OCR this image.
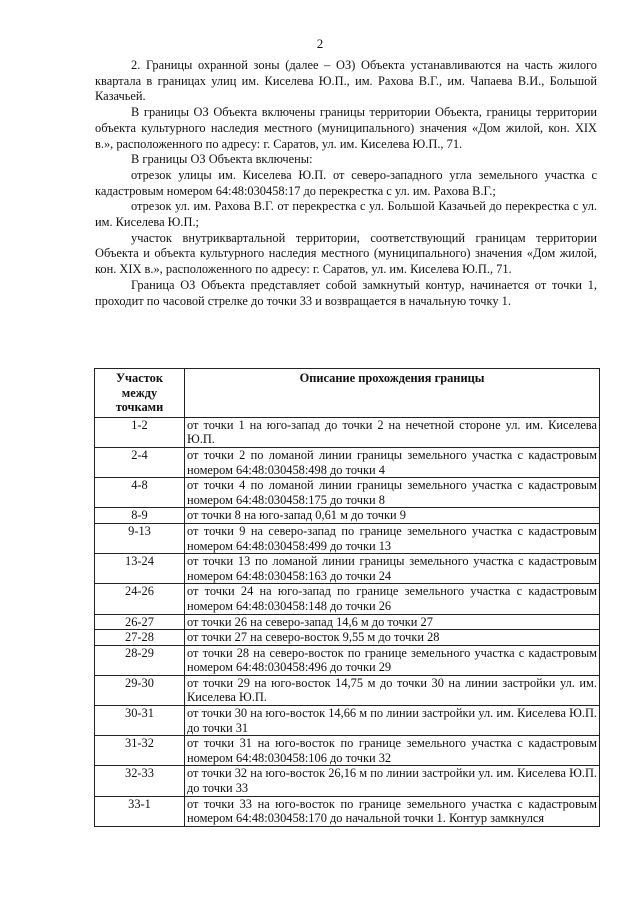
2

2. Границы охранной зоны (далее – ОЗ) Объекта устанавливаются на часть жилого квартала в границах улиц им. Киселева Ю.П., им. Рахова В.Г., им. Чапаева В.И., Большой Казачьей.

В границы ОЗ Объекта включены границы территории Объекта, границы территории объекта культурного наследия местного (муниципального) значения «Дом жилой, кон. XIX в.», расположенного по адресу: г. Саратов, ул. им. Киселева Ю.П., 71.

В границы ОЗ Объекта включены:

отрезок улицы им. Киселева Ю.П. от северо-западного угла земельного участка с кадастровым номером 64:48:030458:17 до перекрестка с ул. им. Рахова В.Г.;

отрезок ул. им. Рахова В.Г. от перекрестка с ул. Большой Казачьей до перекрестка с ул. им. Киселева Ю.П.;

участок внутриквартальной территории, соответствующий границам территории Объекта и объекта культурного наследия местного (муниципального) значения «Дом жилой, кон. XIX в.», расположенного по адресу: г. Саратов, ул. им. Киселева Ю.П., 71.

Граница ОЗ Объекта представляет собой замкнутый контур, начинается от точки 1, проходит по часовой стрелке до точки 33 и возвращается в начальную точку 1.

Участок между точками	Описание прохождения границы
1-2	от точки 1 на юго-запад до точки 2 на нечетной стороне ул. им. Киселева Ю.П.
2-4	от точки 2 по ломаной линии границы земельного участка с кадастровым номером 64:48:030458:498 до точки 4
4-8	от точки 4 по ломаной линии границы земельного участка с кадастровым номером 64:48:030458:175 до точки 8
8-9	от точки 8 на юго-запад 0,61 м до точки 9
9-13	от точки 9 на северо-запад по границе земельного участка с кадастровым номером 64:48:030458:499 до точки 13
13-24	от точки 13 по ломаной линии границы земельного участка с кадастровым номером 64:48:030458:163 до точки 24
24-26	от точки 24 на юго-запад по границе земельного участка с кадастровым номером 64:48:030458:148 до точки 26
26-27	от точки 26 на северо-запад 14,6 м до точки 27
27-28	от точки 27 на северо-восток 9,55 м до точки 28
28-29	от точки 28 на северо-восток по границе земельного участка с кадастровым номером 64:48:030458:496 до точки 29
29-30	от точки 29 на юго-восток 14,75 м до точки 30 на линии застройки ул. им. Киселева Ю.П.
30-31	от точки 30 на юго-восток 14,66 м по линии застройки ул. им. Киселева Ю.П. до точки 31
31-32	от точки 31 на юго-восток по границе земельного участка с кадастровым номером 64:48:030458:106 до точки 32
32-33	от точки 32 на юго-восток 26,16 м по линии застройки ул. им. Киселева Ю.П. до точки 33
33-1	от точки 33 на юго-восток по границе земельного участка с кадастровым номером 64:48:030458:170 до начальной точки 1. Контур замкнулся
